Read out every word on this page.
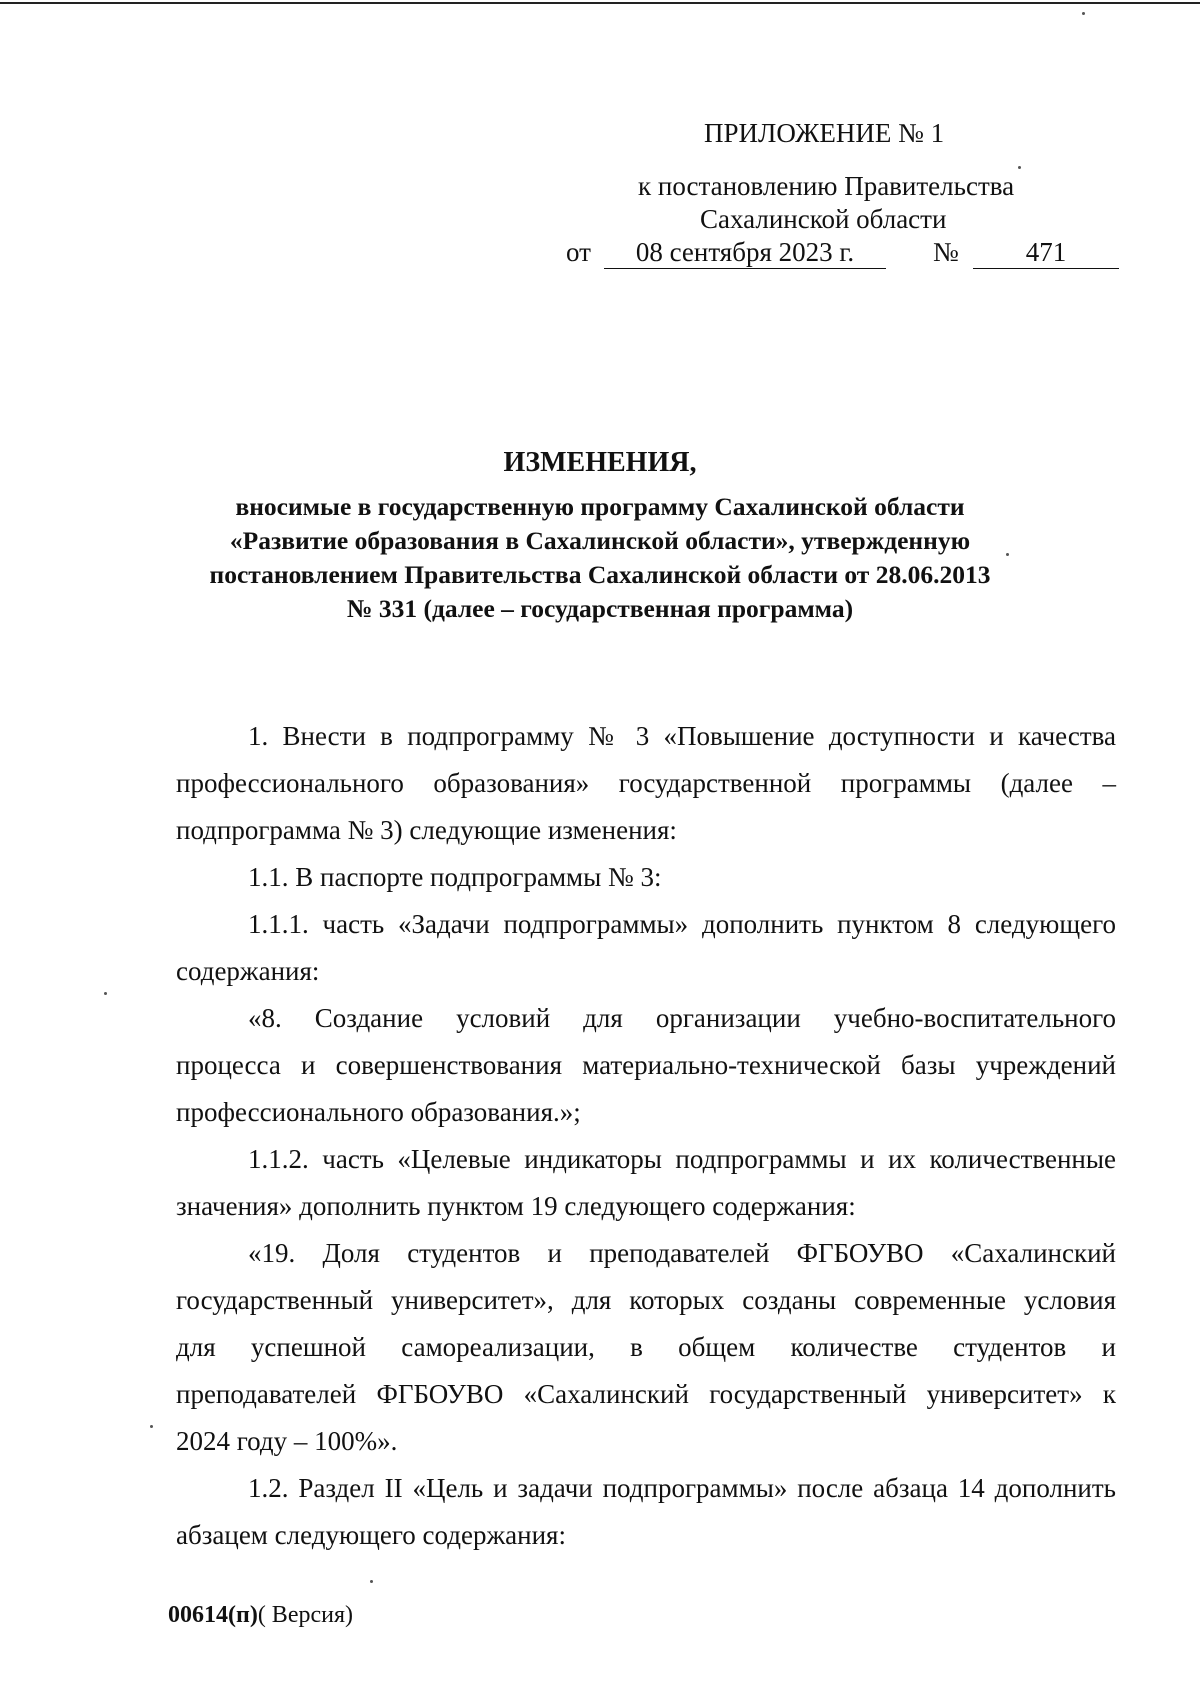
ПРИЛОЖЕНИЕ № 1
к постановлению Правительства
Сахалинской области
от	08 сентября 2023 г.	№	471
ИЗМЕНЕНИЯ,
вносимые в государственную программу Сахалинской области
«Развитие образования в Сахалинской области», утвержденную
постановлением Правительства Сахалинской области от 28.06.2013
№ 331 (далее – государственная программа)
1. Внести в подпрограмму № 3 «Повышение доступности и качества
профессионального образования» государственной программы (далее –
подпрограмма № 3) следующие изменения:
1.1. В паспорте подпрограммы № 3:
1.1.1. часть «Задачи подпрограммы» дополнить пунктом 8 следующего
содержания:
«8. Создание условий для организации учебно-воспитательного
процесса и совершенствования материально-технической базы учреждений
профессионального образования.»;
1.1.2. часть «Целевые индикаторы подпрограммы и их количественные
значения» дополнить пунктом 19 следующего содержания:
«19. Доля студентов и преподавателей ФГБОУВО «Сахалинский
государственный университет», для которых созданы современные условия
для успешной самореализации, в общем количестве студентов и
преподавателей ФГБОУВО «Сахалинский государственный университет» к
2024 году – 100%».
1.2. Раздел II «Цель и задачи подпрограммы» после абзаца 14 дополнить
абзацем следующего содержания:
00614(п)( Версия)
